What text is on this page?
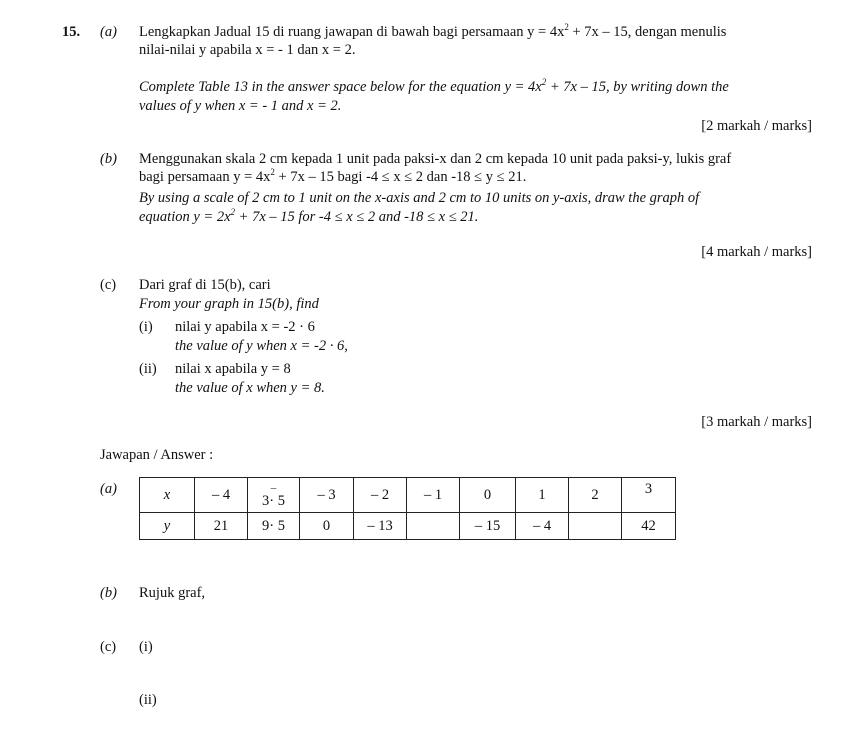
15. (a) Lengkapkan Jadual 15 di ruang jawapan di bawah bagi persamaan $y = 4x^2 + 7x - 15$, dengan menulis
nilai-nilai y apabila x = - 1 dan x = 2.
Complete Table 13 in the answer space below for the equation $y = 4x^2 + 7x - 15$, by writing down the
values of y when x = - 1 and x = 2.
[2 markah / marks]
(b) Menggunakan skala 2 cm kepada 1 unit pada paksi-x dan 2 cm kepada 10 unit pada paksi-y, lukis graf
bagi persamaan $y = 4x^2 + 7x - 15$ bagi -4 ≤ x ≤ 2 dan -18 ≤ y ≤ 21.
By using a scale of 2 cm to 1 unit on the x-axis and 2 cm to 10 units on y-axis, draw the graph of
equation $y = 2x^2 + 7x - 15$ for -4 ≤ x ≤ 2 and -18 ≤ x ≤ 21.
[4 markah / marks]
(c) Dari graf di 15(b), cari
From your graph in 15(b), find
(i) nilai y apabila x = -2 · 6
the value of y when x = -2 · 6,
(ii) nilai x apabila y = 8
the value of x when y = 8.
[3 markah / marks]
Jawapan / Answer :
(a)	x	– 4	– 3· 5	– 3	– 2	– 1	0	1	2	3
y	21	9· 5	0	– 13		– 15	– 4		42
(b) Rujuk graf,
(c) (i)
(ii)
